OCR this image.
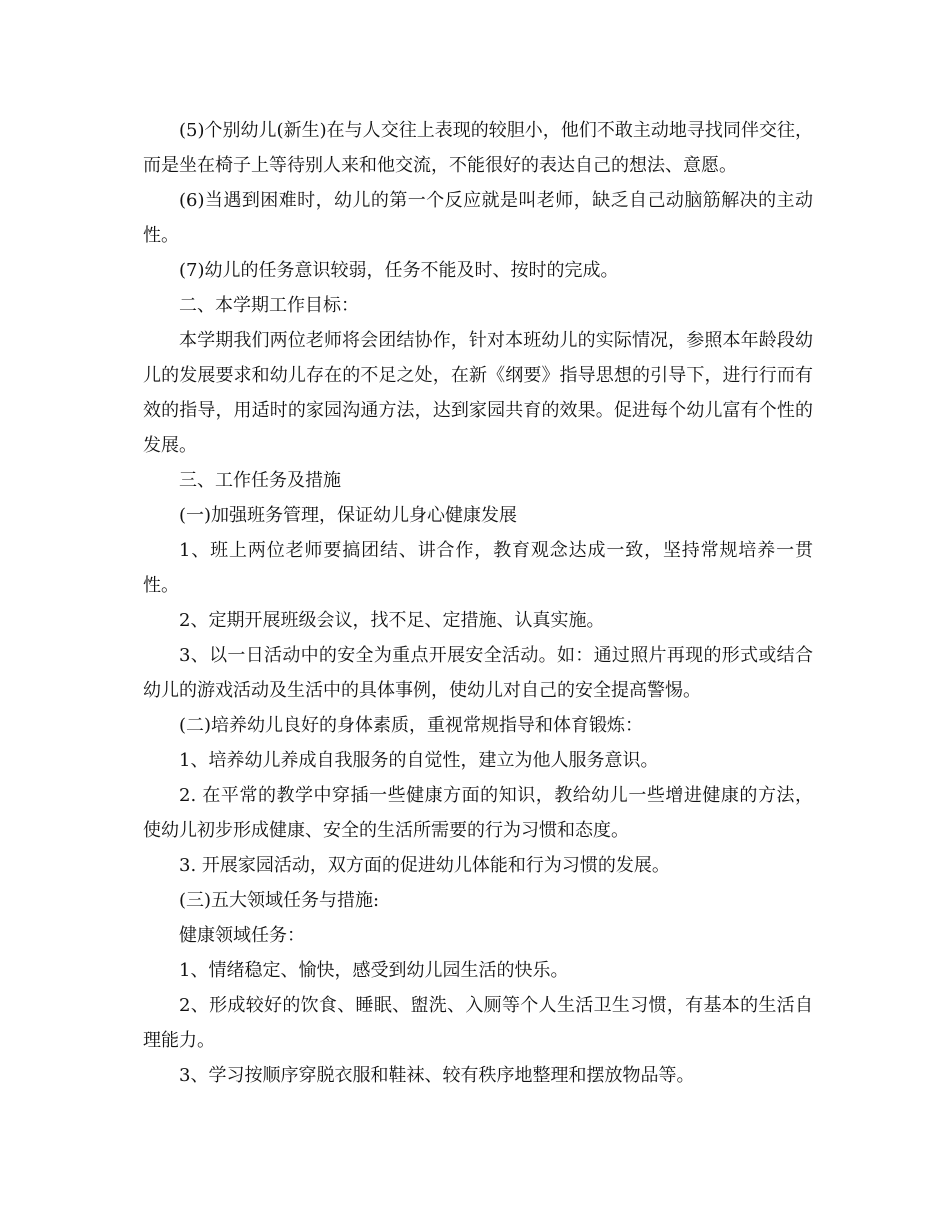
(5)个别幼儿(新生)在与人交往上表现的较胆小，他们不敢主动地寻找同伴交往，而是坐在椅子上等待别人来和他交流，不能很好的表达自己的想法、意愿。

(6)当遇到困难时，幼儿的第一个反应就是叫老师，缺乏自己动脑筋解决的主动性。

(7)幼儿的任务意识较弱，任务不能及时、按时的完成。

二、本学期工作目标：

本学期我们两位老师将会团结协作，针对本班幼儿的实际情况，参照本年龄段幼儿的发展要求和幼儿存在的不足之处，在新《纲要》指导思想的引导下，进行行而有效的指导，用适时的家园沟通方法，达到家园共育的效果。促进每个幼儿富有个性的发展。

三、工作任务及措施

(一)加强班务管理，保证幼儿身心健康发展

1、班上两位老师要搞团结、讲合作，教育观念达成一致，坚持常规培养一贯性。

2、定期开展班级会议，找不足、定措施、认真实施。

3、以一日活动中的安全为重点开展安全活动。如：通过照片再现的形式或结合幼儿的游戏活动及生活中的具体事例，使幼儿对自己的安全提高警惕。

(二)培养幼儿良好的身体素质，重视常规指导和体育锻炼：

1、培养幼儿养成自我服务的自觉性，建立为他人服务意识。

2. 在平常的教学中穿插一些健康方面的知识，教给幼儿一些增进健康的方法，使幼儿初步形成健康、安全的生活所需要的行为习惯和态度。

3. 开展家园活动，双方面的促进幼儿体能和行为习惯的发展。

(三)五大领域任务与措施:

健康领域任务：

1、情绪稳定、愉快，感受到幼儿园生活的快乐。

2、形成较好的饮食、睡眠、盥洗、入厕等个人生活卫生习惯，有基本的生活自理能力。

3、学习按顺序穿脱衣服和鞋袜、较有秩序地整理和摆放物品等。
